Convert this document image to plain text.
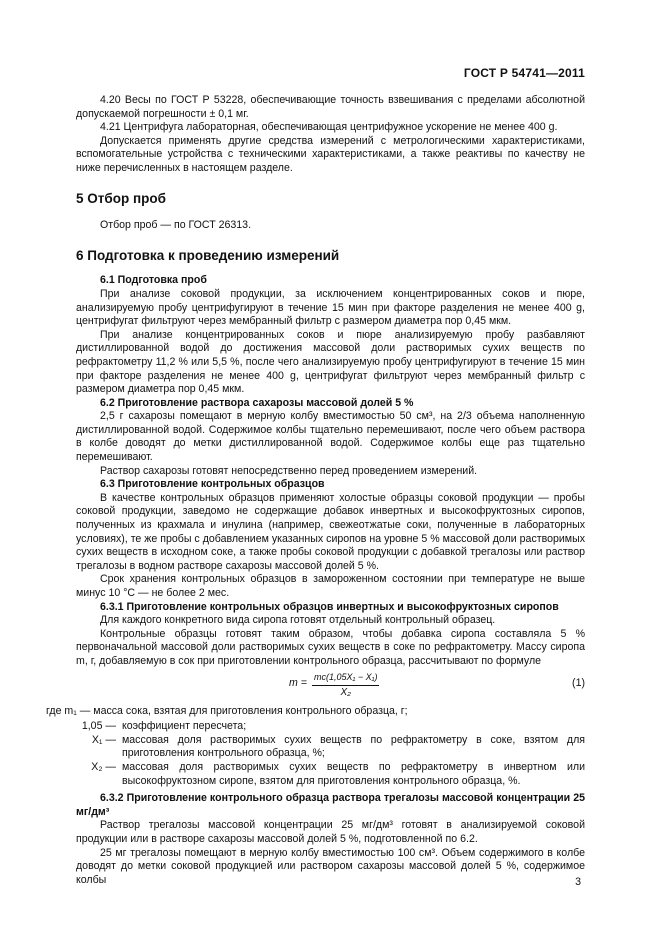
ГОСТ Р 54741—2011

4.20 Весы по ГОСТ Р 53228, обеспечивающие точность взвешивания с пределами абсолютной допускаемой погрешности ± 0,1 мг.

4.21 Центрифуга лабораторная, обеспечивающая центрифужное ускорение не менее 400 g.

Допускается применять другие средства измерений с метрологическими характеристиками, вспомогательные устройства с техническими характеристиками, а также реактивы по качеству не ниже перечисленных в настоящем разделе.

5 Отбор проб

Отбор проб — по ГОСТ 26313.

6 Подготовка к проведению измерений

6.1 Подготовка проб

При анализе соковой продукции, за исключением концентрированных соков и пюре, анализируемую пробу центрифугируют в течение 15 мин при факторе разделения не менее 400 g, центрифугат фильтруют через мембранный фильтр с размером диаметра пор 0,45 мкм.

При анализе концентрированных соков и пюре анализируемую пробу разбавляют дистиллированной водой до достижения массовой доли растворимых сухих веществ по рефрактометру 11,2 % или 5,5 %, после чего анализируемую пробу центрифугируют в течение 15 мин при факторе разделения не менее 400 g, центрифугат фильтруют через мембранный фильтр с размером диаметра пор 0,45 мкм.

6.2 Приготовление раствора сахарозы массовой долей 5 %

2,5 г сахарозы помещают в мерную колбу вместимостью 50 см³, на 2/3 объема наполненную дистиллированной водой. Содержимое колбы тщательно перемешивают, после чего объем раствора в колбе доводят до метки дистиллированной водой. Содержимое колбы еще раз тщательно перемешивают.

Раствор сахарозы готовят непосредственно перед проведением измерений.

6.3 Приготовление контрольных образцов

В качестве контрольных образцов применяют холостые образцы соковой продукции — пробы соковой продукции, заведомо не содержащие добавок инвертных и высокофруктозных сиропов, полученных из крахмала и инулина (например, свежеотжатые соки, полученные в лабораторных условиях), те же пробы с добавлением указанных сиропов на уровне 5 % массовой доли растворимых сухих веществ в исходном соке, а также пробы соковой продукции с добавкой трегалозы или раствор трегалозы в водном растворе сахарозы массовой долей 5 %.

Срок хранения контрольных образцов в замороженном состоянии при температуре не выше минус 10 °С — не более 2 мес.

6.3.1 Приготовление контрольных образцов инвертных и высокофруктозных сиропов

Для каждого конкретного вида сиропа готовят отдельный контрольный образец.

Контрольные образцы готовят таким образом, чтобы добавка сиропа составляла 5 % первоначальной массовой доли растворимых сухих веществ в соке по рефрактометру. Массу сиропа m, г, добавляемую в сок при приготовлении контрольного образца, рассчитывают по формуле

m = mс(1,05X₁ − X₁)
X₂
(1)

где m₁ — масса сока, взятая для приготовления контрольного образца, г;

1,05 — коэффициент пересчета;
X₁ — массовая доля растворимых сухих веществ по рефрактометру в соке, взятом для приготовления контрольного образца, %;
X₂ — массовая доля растворимых сухих веществ по рефрактометру в инвертном или высокофруктозном сиропе, взятом для приготовления контрольного образца, %.

6.3.2 Приготовление контрольного образца раствора трегалозы массовой концентрации 25 мг/дм³

Раствор трегалозы массовой концентрации 25 мг/дм³ готовят в анализируемой соковой продукции или в растворе сахарозы массовой долей 5 %, подготовленной по 6.2.

25 мг трегалозы помещают в мерную колбу вместимостью 100 см³. Объем содержимого в колбе доводят до метки соковой продукцией или раствором сахарозы массовой долей 5 %, содержимое колбы	3
